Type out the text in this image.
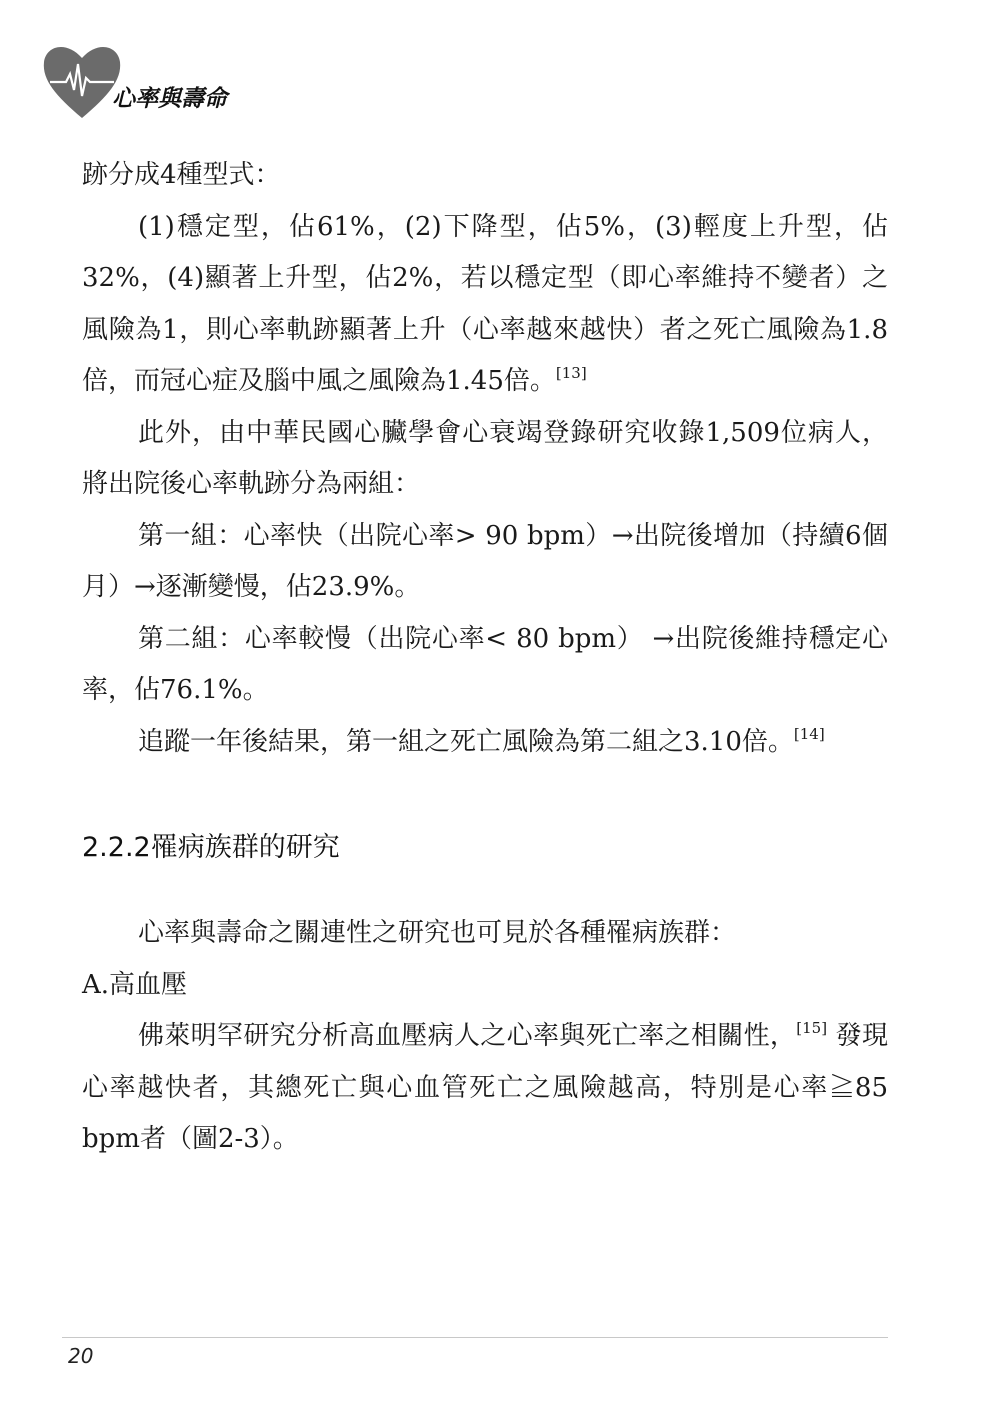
心率與壽命

跡分成4種型式：

(1)穩定型，佔61%，(2)下降型，佔5%，(3)輕度上升型，佔32%，(4)顯著上升型，佔2%，若以穩定型（即心率維持不變者）之風險為1，則心率軌跡顯著上升（心率越來越快）者之死亡風險為1.8倍，而冠心症及腦中風之風險為1.45倍。[13]

此外，由中華民國心臟學會心衰竭登錄研究收錄1,509位病人，將出院後心率軌跡分為兩組：

第一組：心率快（出院心率> 90 bpm）→出院後增加（持續6個月）→逐漸變慢，佔23.9%。

第二組：心率較慢（出院心率< 80 bpm） →出院後維持穩定心率，佔76.1%。

追蹤一年後結果，第一組之死亡風險為第二組之3.10倍。[14]

2.2.2罹病族群的研究

心率與壽命之關連性之研究也可見於各種罹病族群：

A.高血壓

佛萊明罕研究分析高血壓病人之心率與死亡率之相關性，[15] 發現心率越快者，其總死亡與心血管死亡之風險越高，特別是心率≧85 bpm者（圖2-3）。

20
